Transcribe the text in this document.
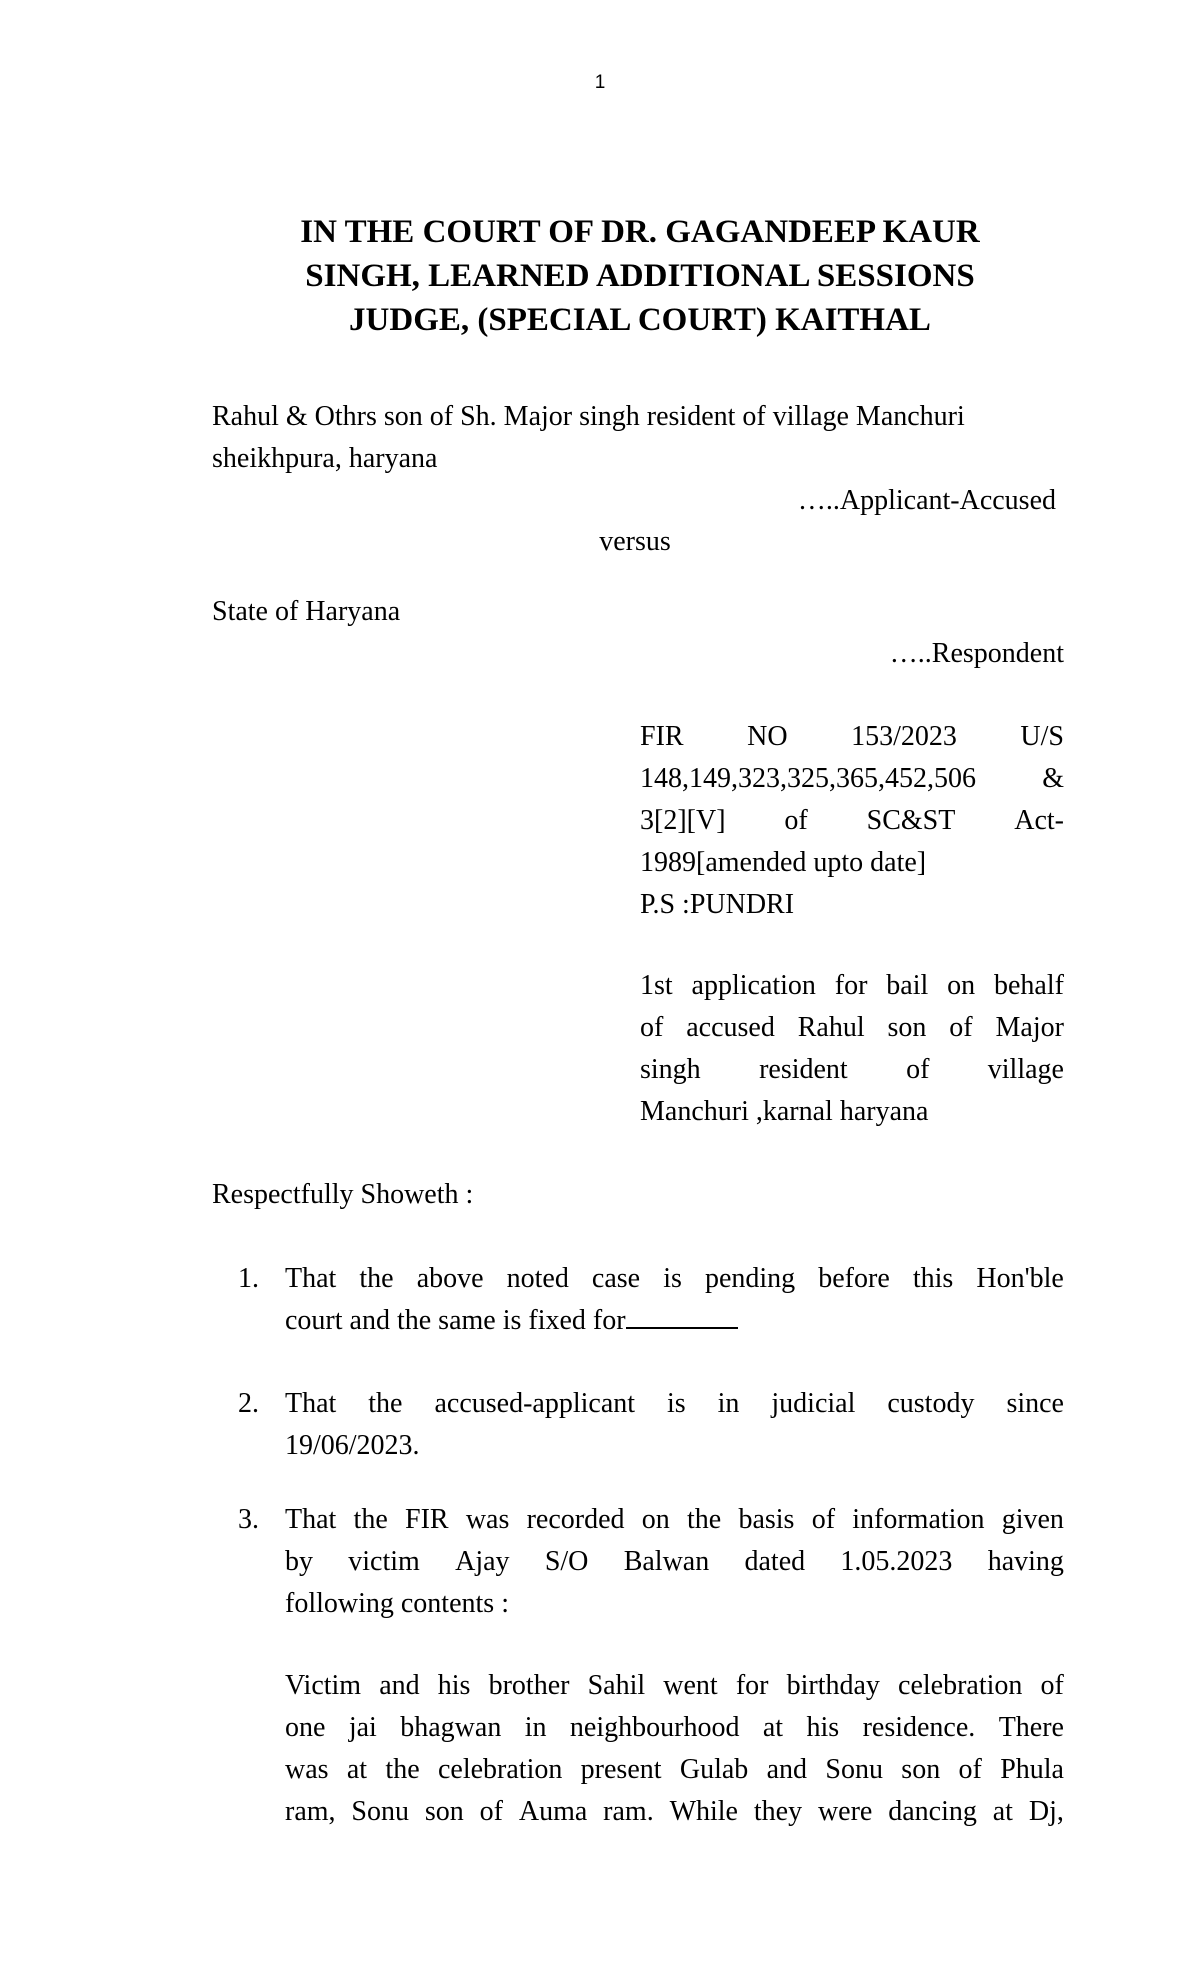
1
IN THE COURT OF DR. GAGANDEEP KAUR
SINGH, LEARNED ADDITIONAL SESSIONS
JUDGE, (SPECIAL COURT) KAITHAL
Rahul & Othrs son of Sh. Major singh resident of village Manchuri
sheikhpura, haryana
…..Applicant-Accused
versus
State of Haryana
…..Respondent
FIR NO 153/2023 U/S
148,149,323,325,365,452,506 &
3[2][V] of SC&ST Act-
1989[amended upto date]
P.S :PUNDRI
1st application for bail on behalf
of accused Rahul son of Major
singh resident of village
Manchuri ,karnal haryana
Respectfully Showeth :
1. That the above noted case is pending before this Hon'ble
court and the same is fixed for
2. That the accused-applicant is in judicial custody since
19/06/2023.
3. That the FIR was recorded on the basis of information given
by victim Ajay S/O Balwan dated 1.05.2023 having
following contents :
Victim and his brother Sahil went for birthday celebration of
one jai bhagwan in neighbourhood at his residence. There
was at the celebration present Gulab and Sonu son of Phula
ram, Sonu son of Auma ram. While they were dancing at Dj,
